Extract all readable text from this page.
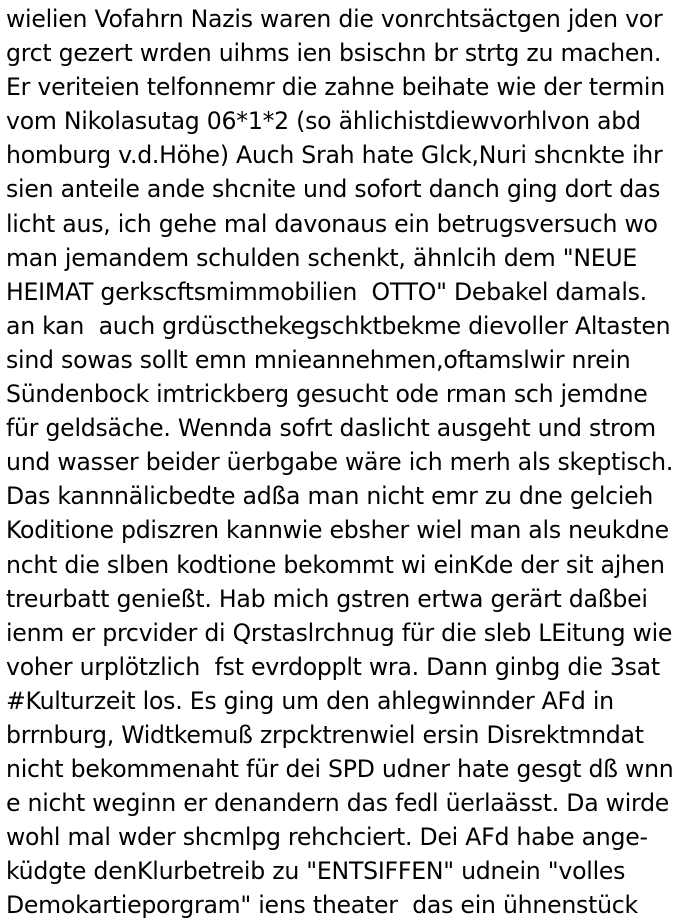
wielien Vofahrn Nazis waren die vonrchtsäctgen jden vor
grct gezert wrden uihms ien bsischn br strtg zu machen.
Er veriteien telfonnemr die zahne beihate wie der termin
vom Nikolasutag 06*1*2 (so ählichistdiewvorhlvon abd
homburg v.d.Höhe) Auch Srah hate Glck,Nuri shcnkte ihr
sien anteile ande shcnite und sofort danch ging dort das
licht aus, ich gehe mal davonaus ein betrugsversuch wo
man jemandem schulden schenkt, ähnlcih dem "NEUE
HEIMAT gerkscftsmimmobilien  OTTO" Debakel damals.
an kan  auch grdüscthekegschktbekme dievoller Altasten
sind sowas sollt emn mnieannehmen,oftamslwir nrein
Sündenbock imtrickberg gesucht ode rman sch jemdne
für geldsäche. Wennda sofrt daslicht ausgeht und strom
und wasser beider üerbgabe wäre ich merh als skeptisch.
Das kannnälicbedte adßa man nicht emr zu dne gelcieh
Koditione pdiszren kannwie ebsher wiel man als neukdne
ncht die slben kodtione bekommt wi einKde der sit ajhen
treurbatt genießt. Hab mich gstren ertwa gerärt daßbei
ienm er prcvider di Qrstaslrchnug für die sleb LEitung wie
voher urplötzlich  fst evrdopplt wra. Dann ginbg die 3sat
#Kulturzeit los. Es ging um den ahlegwinnder AFd in
brrnburg, Widtkemuß zrpcktrenwiel ersin Disrektmndat
nicht bekommenaht für dei SPD udner hate gesgt dß wnn
e nicht weginn er denandern das fedl üerlaässt. Da wirde
wohl mal wder shcmlpg rehchciert. Dei AFd habe ange-
küdgte denKlurbetreib zu "ENTSIFFEN" udnein "volles
Demokartieporgram" iens theater  das ein ühnenstück
